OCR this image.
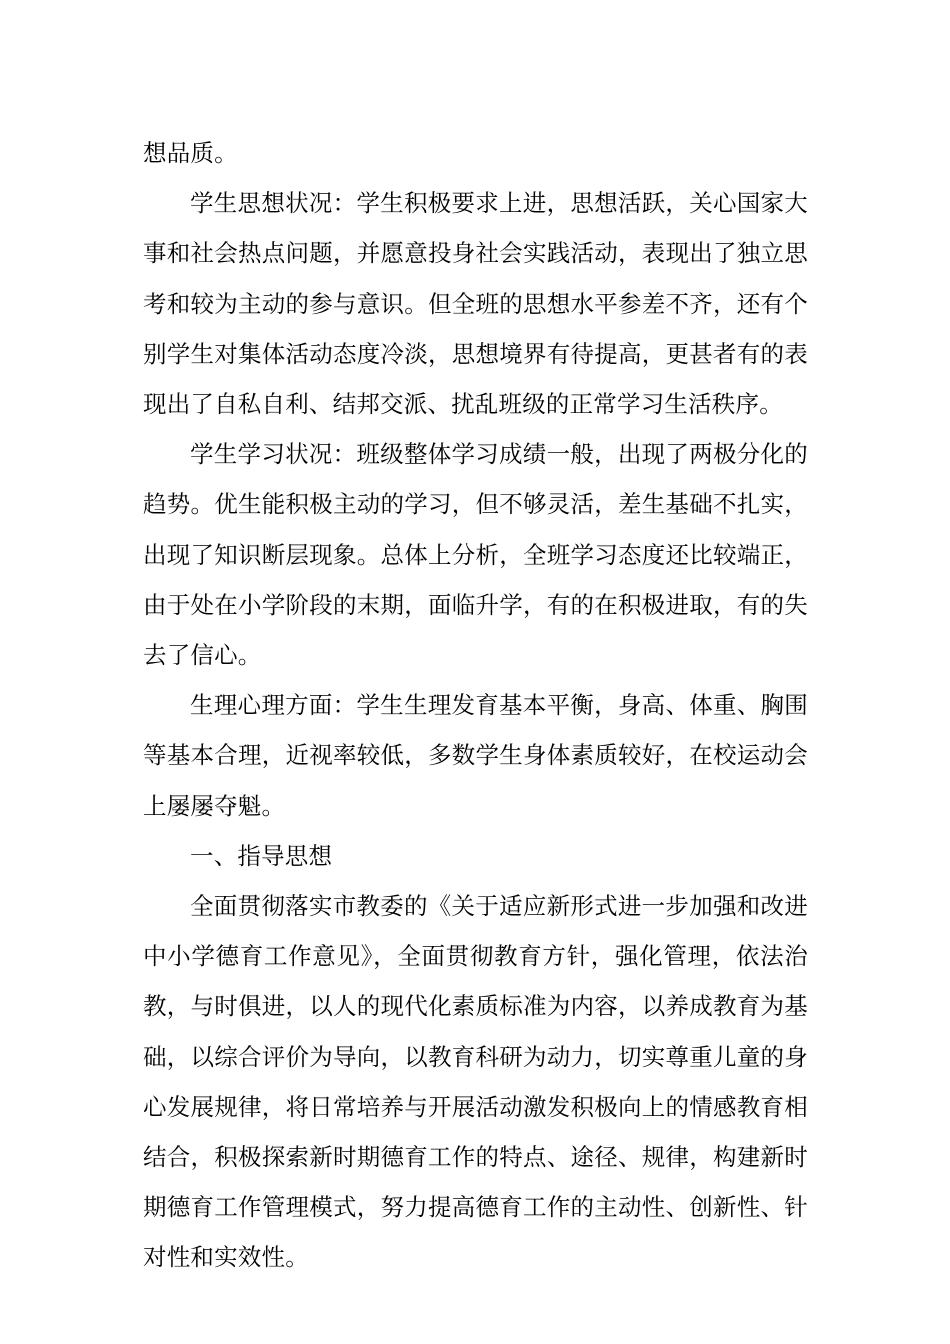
想品质。

学生思想状况：学生积极要求上进，思想活跃，关心国家大事和社会热点问题，并愿意投身社会实践活动，表现出了独立思考和较为主动的参与意识。但全班的思想水平参差不齐，还有个别学生对集体活动态度冷淡，思想境界有待提高，更甚者有的表现出了自私自利、结邦交派、扰乱班级的正常学习生活秩序。

学生学习状况：班级整体学习成绩一般，出现了两极分化的趋势。优生能积极主动的学习，但不够灵活，差生基础不扎实，出现了知识断层现象。总体上分析，全班学习态度还比较端正，由于处在小学阶段的末期，面临升学，有的在积极进取，有的失去了信心。

生理心理方面：学生生理发育基本平衡，身高、体重、胸围等基本合理，近视率较低，多数学生身体素质较好，在校运动会上屡屡夺魁。

一、指导思想

全面贯彻落实市教委的《关于适应新形式进一步加强和改进中小学德育工作意见》，全面贯彻教育方针，强化管理，依法治教，与时俱进，以人的现代化素质标准为内容，以养成教育为基础，以综合评价为导向，以教育科研为动力，切实尊重儿童的身心发展规律，将日常培养与开展活动激发积极向上的情感教育相结合，积极探索新时期德育工作的特点、途径、规律，构建新时期德育工作管理模式，努力提高德育工作的主动性、创新性、针对性和实效性。
